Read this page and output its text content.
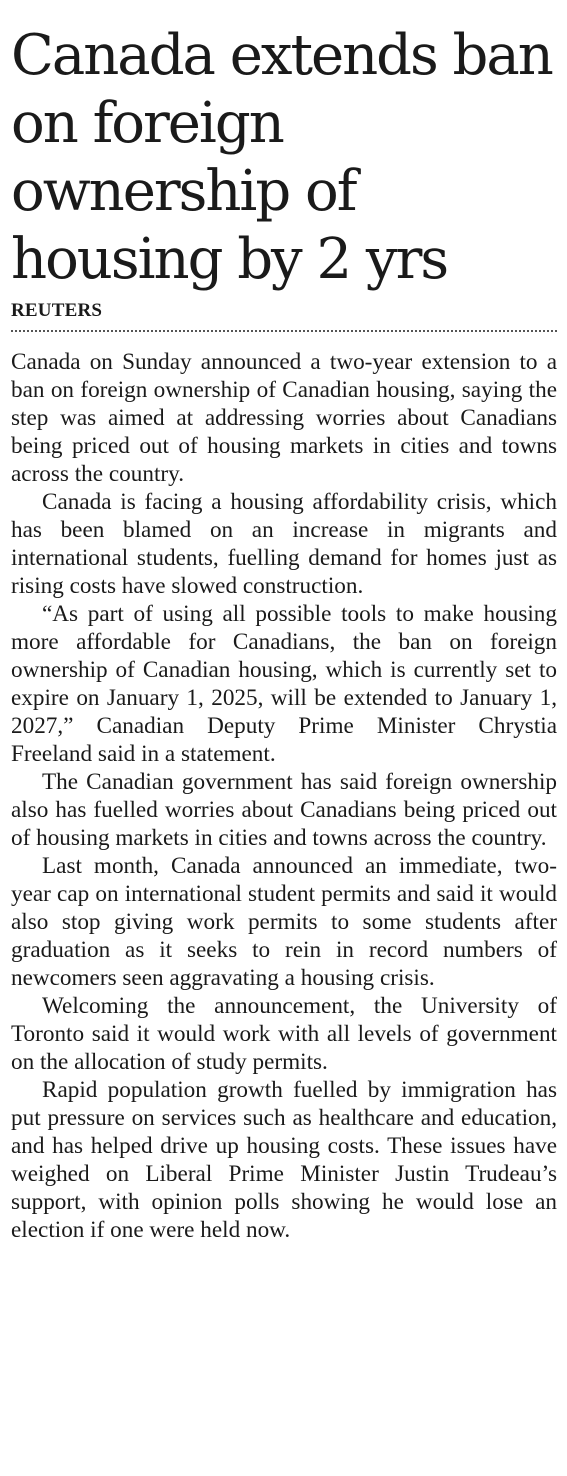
Canada extends ban on foreign ownership of housing by 2 yrs
REUTERS

Canada on Sunday announced a two-year extension to a ban on foreign ownership of Canadian housing, saying the step was aimed at addressing worries about Canadians being priced out of housing markets in cities and towns across the country.

Canada is facing a housing affordability crisis, which has been blamed on an increase in migrants and international students, fuelling demand for homes just as rising costs have slowed construction.

“As part of using all possible tools to make housing more affordable for Canadians, the ban on foreign ownership of Canadian housing, which is currently set to expire on January 1, 2025, will be extended to January 1, 2027,” Canadian Deputy Prime Minister Chrystia Freeland said in a statement.

The Canadian government has said foreign ownership also has fuelled worries about Canadians being priced out of housing markets in cities and towns across the country.

Last month, Canada announced an immediate, two-year cap on international student permits and said it would also stop giving work permits to some students after graduation as it seeks to rein in record numbers of newcomers seen aggravating a housing crisis.

Welcoming the announcement, the University of Toronto said it would work with all levels of government on the allocation of study permits.

Rapid population growth fuelled by immigration has put pressure on services such as healthcare and education, and has helped drive up housing costs. These issues have weighed on Liberal Prime Minister Justin Trudeau’s support, with opinion polls showing he would lose an election if one were held now.
